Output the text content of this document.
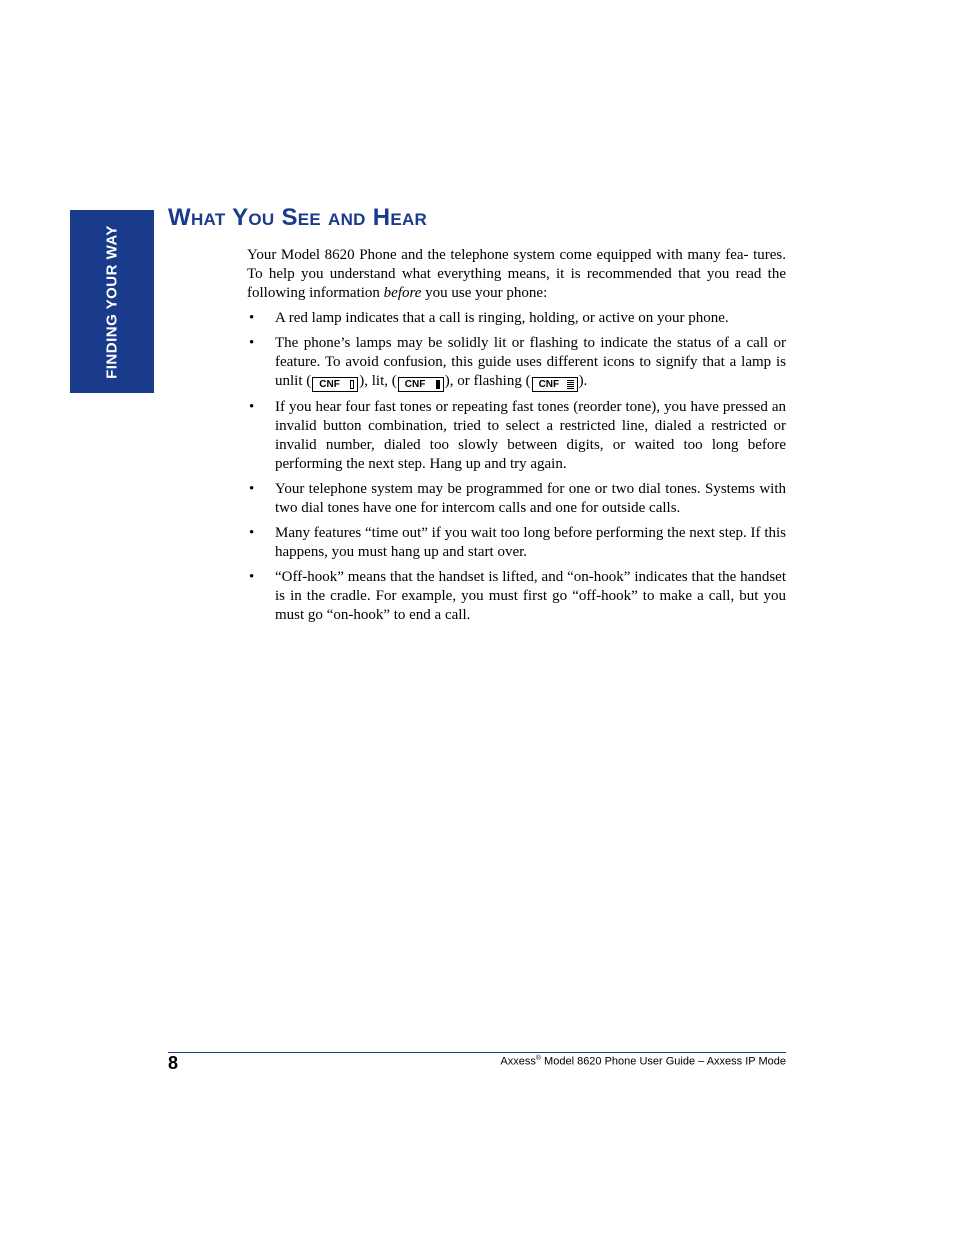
FINDING YOUR WAY
What You See and Hear

Your Model 8620 Phone and the telephone system come equipped with many fea- tures. To help you understand what everything means, it is recommended that you read the following information before you use your phone:

• A red lamp indicates that a call is ringing, holding, or active on your phone.
• The phone’s lamps may be solidly lit or flashing to indicate the status of a call or feature. To avoid confusion, this guide uses different icons to signify that a lamp is unlit ( CNF ), lit, ( CNF ), or flashing ( CNF ).
• If you hear four fast tones or repeating fast tones (reorder tone), you have pressed an invalid button combination, tried to select a restricted line, dialed a restricted or invalid number, dialed too slowly between digits, or waited too long before performing the next step. Hang up and try again.
• Your telephone system may be programmed for one or two dial tones. Systems with two dial tones have one for intercom calls and one for outside calls.
• Many features “time out” if you wait too long before performing the next step. If this happens, you must hang up and start over.
• “Off-hook” means that the handset is lifted, and “on-hook” indicates that the handset is in the cradle. For example, you must first go “off-hook” to make a call, but you must go “on-hook” to end a call.
8	Axxess® Model 8620 Phone User Guide – Axxess IP Mode
